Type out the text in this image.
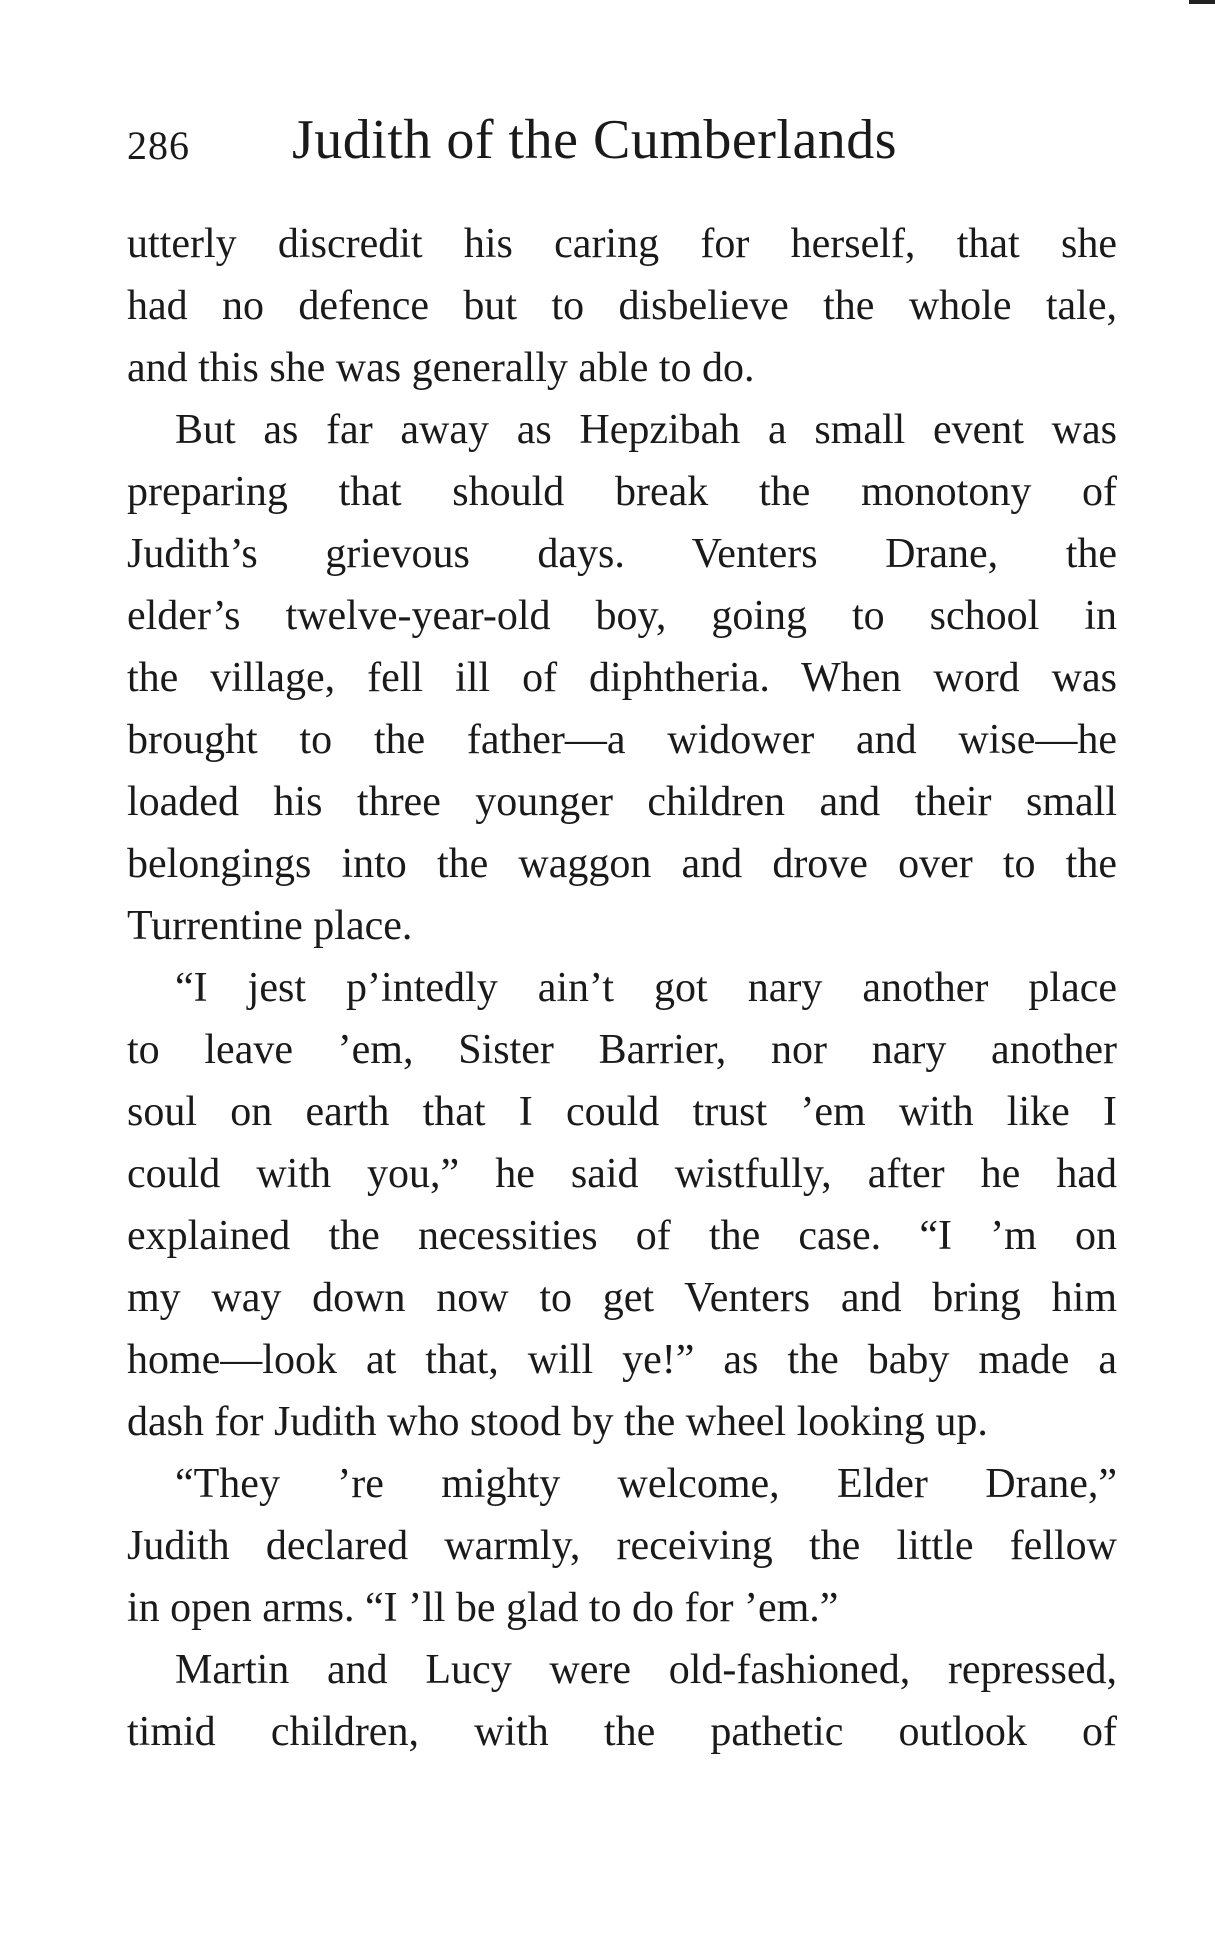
286 Judith of the Cumberlands
utterly discredit his caring for herself, that she
had no defence but to disbelieve the whole tale,
and this she was generally able to do.
But as far away as Hepzibah a small event was
preparing that should break the monotony of
Judith’s grievous days. Venters Drane, the
elder’s twelve-year-old boy, going to school in
the village, fell ill of diphtheria. When word was
brought to the father—a widower and wise—he
loaded his three younger children and their small
belongings into the waggon and drove over to the
Turrentine place.
“I jest p’intedly ain’t got nary another place
to leave ’em, Sister Barrier, nor nary another
soul on earth that I could trust ’em with like I
could with you,” he said wistfully, after he had
explained the necessities of the case. “I ’m on
my way down now to get Venters and bring him
home—look at that, will ye!” as the baby made a
dash for Judith who stood by the wheel looking up.
“They ’re mighty welcome, Elder Drane,”
Judith declared warmly, receiving the little fellow
in open arms. “I ’ll be glad to do for ’em.”
Martin and Lucy were old-fashioned, repressed,
timid children, with the pathetic outlook of
